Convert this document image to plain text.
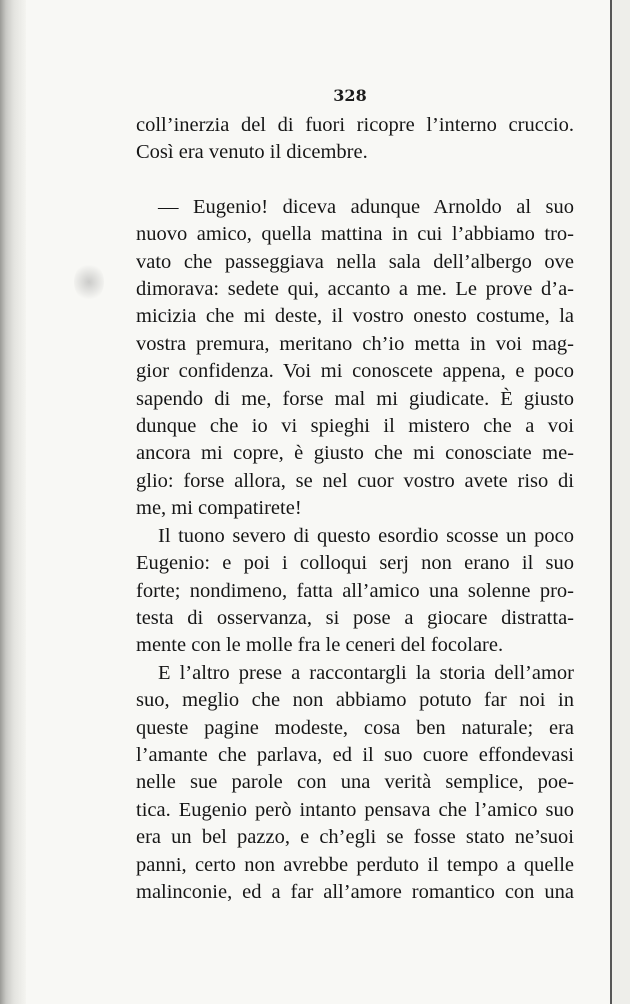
328
coll’inerzia del di fuori ricopre l’interno cruccio.
Così era venuto il dicembre.
— Eugenio! diceva adunque Arnoldo al suo
nuovo amico, quella mattina in cui l’abbiamo tro-
vato che passeggiava nella sala dell’albergo ove
dimorava: sedete qui, accanto a me. Le prove d’a-
micizia che mi deste, il vostro onesto costume, la
vostra premura, meritano ch’io metta in voi mag-
gior confidenza. Voi mi conoscete appena, e poco
sapendo di me, forse mal mi giudicate. È giusto
dunque che io vi spieghi il mistero che a voi
ancora mi copre, è giusto che mi conosciate me-
glio: forse allora, se nel cuor vostro avete riso di
me, mi compatirete!
Il tuono severo di questo esordio scosse un poco
Eugenio: e poi i colloqui serj non erano il suo
forte; nondimeno, fatta all’amico una solenne pro-
testa di osservanza, si pose a giocare distratta-
mente con le molle fra le ceneri del focolare.
E l’altro prese a raccontargli la storia dell’amor
suo, meglio che non abbiamo potuto far noi in
queste pagine modeste, cosa ben naturale; era
l’amante che parlava, ed il suo cuore effondevasi
nelle sue parole con una verità semplice, poe-
tica. Eugenio però intanto pensava che l’amico suo
era un bel pazzo, e ch’egli se fosse stato ne’suoi
panni, certo non avrebbe perduto il tempo a quelle
malinconie, ed a far all’amore romantico con una
